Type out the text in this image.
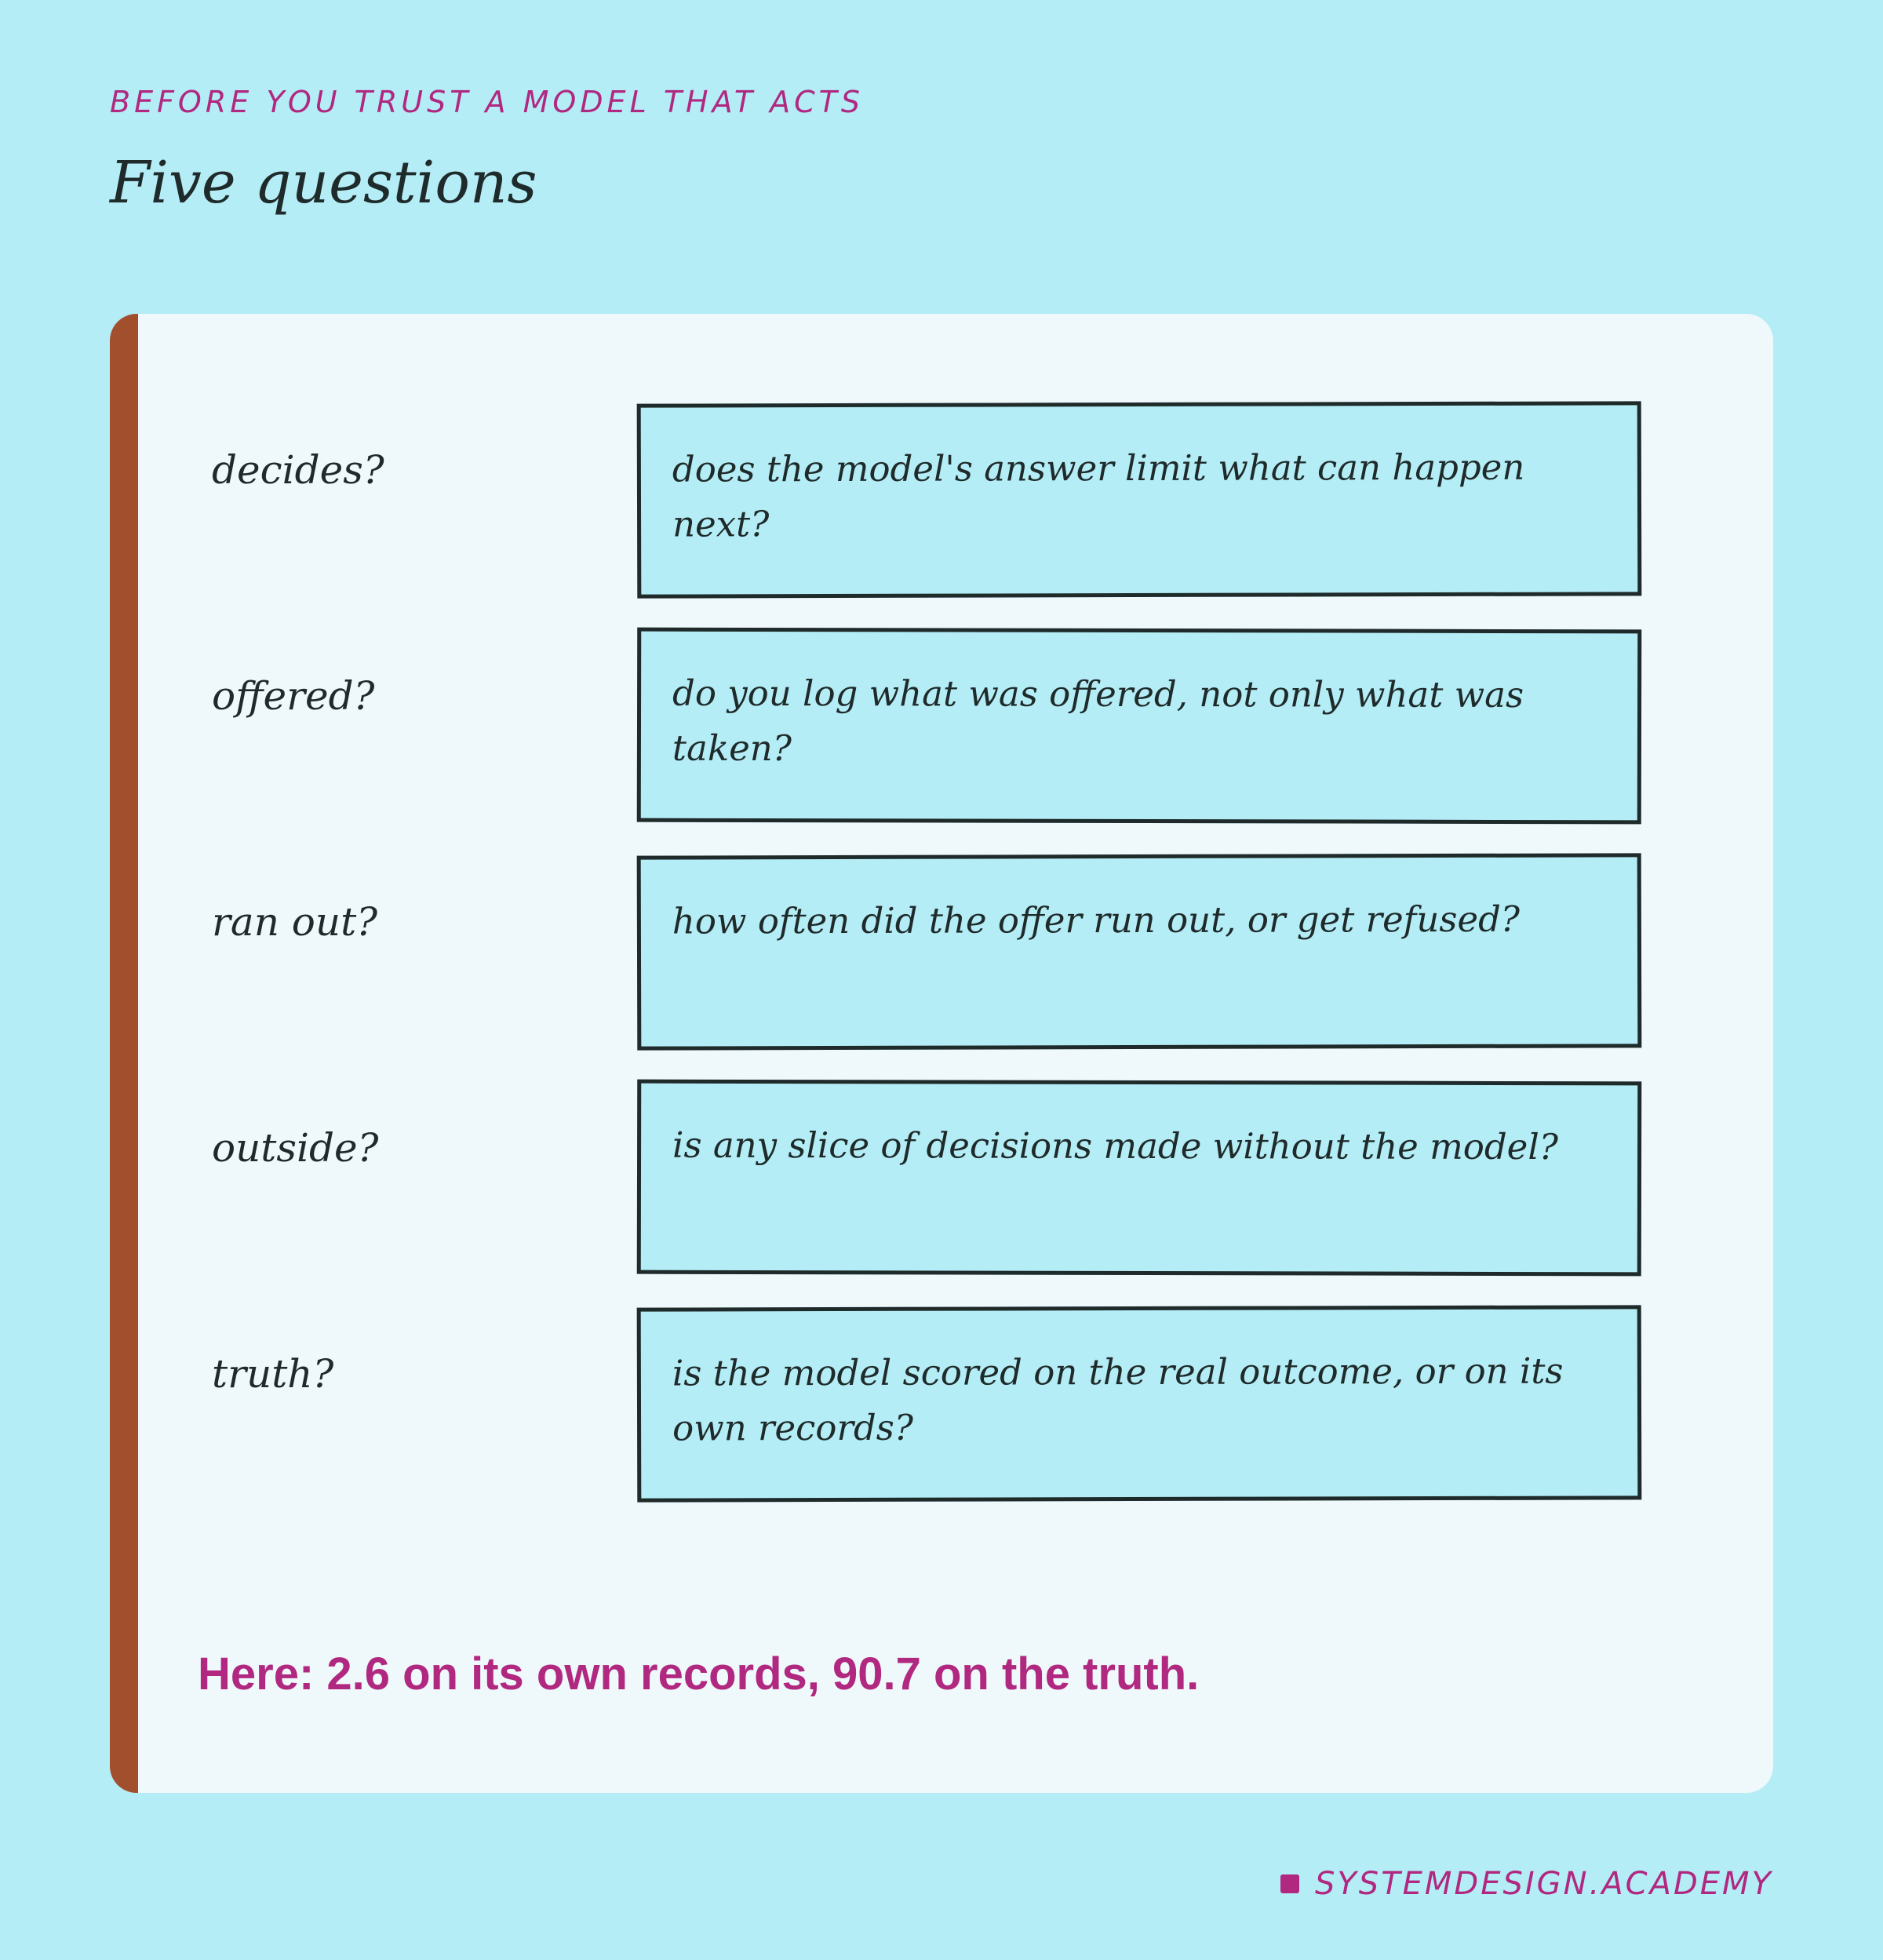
BEFORE YOU TRUST A MODEL THAT ACTS
Five questions
decides?	does the model's answer limit what can happen next?
offered?	do you log what was offered, not only what was taken?
ran out?	how often did the offer run out, or get refused?
outside?	is any slice of decisions made without the model?
truth?	is the model scored on the real outcome, or on its own records?
Here: 2.6 on its own records, 90.7 on the truth.
SYSTEMDESIGN.ACADEMY
